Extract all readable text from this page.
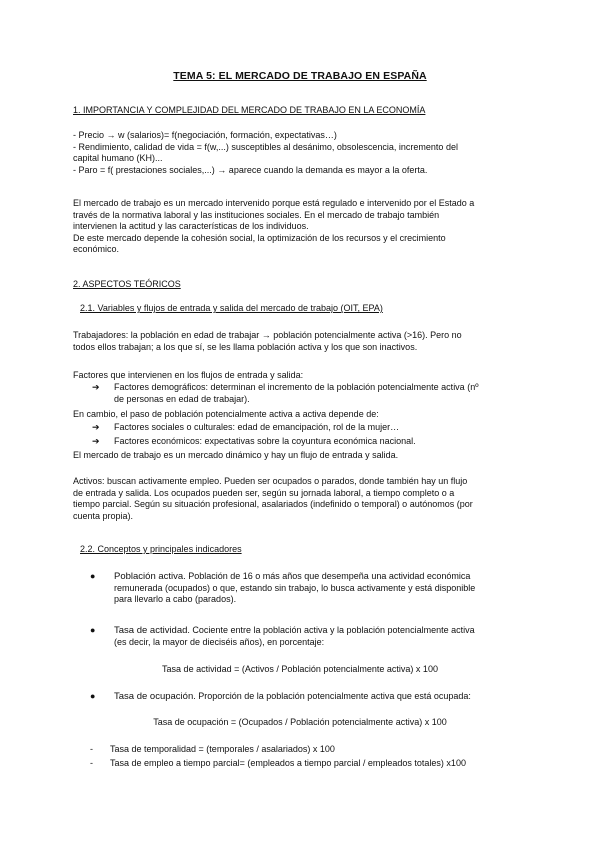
TEMA 5: EL MERCADO DE TRABAJO EN ESPAÑA
1. IMPORTANCIA Y COMPLEJIDAD DEL MERCADO DE TRABAJO EN LA ECONOMÍA
- Precio → w (salarios)= f(negociación, formación, expectativas…)
- Rendimiento, calidad de vida = f(w,...) susceptibles al desánimo, obsolescencia, incremento del
capital humano (KH)...
- Paro = f( prestaciones sociales,...) → aparece cuando la demanda es mayor a la oferta.
El mercado de trabajo es un mercado intervenido porque está regulado e intervenido por el Estado a
través de la normativa laboral y las instituciones sociales. En el mercado de trabajo también
intervienen la actitud y las características de los individuos.
De este mercado depende la cohesión social, la optimización de los recursos y el crecimiento
económico.
2. ASPECTOS TEÓRICOS
2.1. Variables y flujos de entrada y salida del mercado de trabajo (OIT, EPA)
Trabajadores: la población en edad de trabajar → población potencialmente activa (>16). Pero no
todos ellos trabajan; a los que sí, se les llama población activa y los que son inactivos.
Factores que intervienen en los flujos de entrada y salida:
➔	Factores demográficos: determinan el incremento de la población potencialmente activa (nº
de personas en edad de trabajar).
En cambio, el paso de población potencialmente activa a activa depende de:
➔	Factores sociales o culturales: edad de emancipación, rol de la mujer…
➔	Factores económicos: expectativas sobre la coyuntura económica nacional.
El mercado de trabajo es un mercado dinámico y hay un flujo de entrada y salida.
Activos: buscan activamente empleo. Pueden ser ocupados o parados, donde también hay un flujo
de entrada y salida. Los ocupados pueden ser, según su jornada laboral, a tiempo completo o a
tiempo parcial. Según su situación profesional, asalariados (indefinido o temporal) o autónomos (por
cuenta propia).
2.2. Conceptos y principales indicadores
● Población activa. Población de 16 o más años que desempeña una actividad económica
remunerada (ocupados) o que, estando sin trabajo, lo busca activamente y está disponible
para llevarlo a cabo (parados).
● Tasa de actividad. Cociente entre la población activa y la población potencialmente activa
(es decir, la mayor de dieciséis años), en porcentaje:
Tasa de actividad = (Activos / Población potencialmente activa) x 100
● Tasa de ocupación. Proporción de la población potencialmente activa que está ocupada:
Tasa de ocupación = (Ocupados / Población potencialmente activa) x 100
- Tasa de temporalidad = (temporales / asalariados) x 100
- Tasa de empleo a tiempo parcial= (empleados a tiempo parcial / empleados totales) x100
